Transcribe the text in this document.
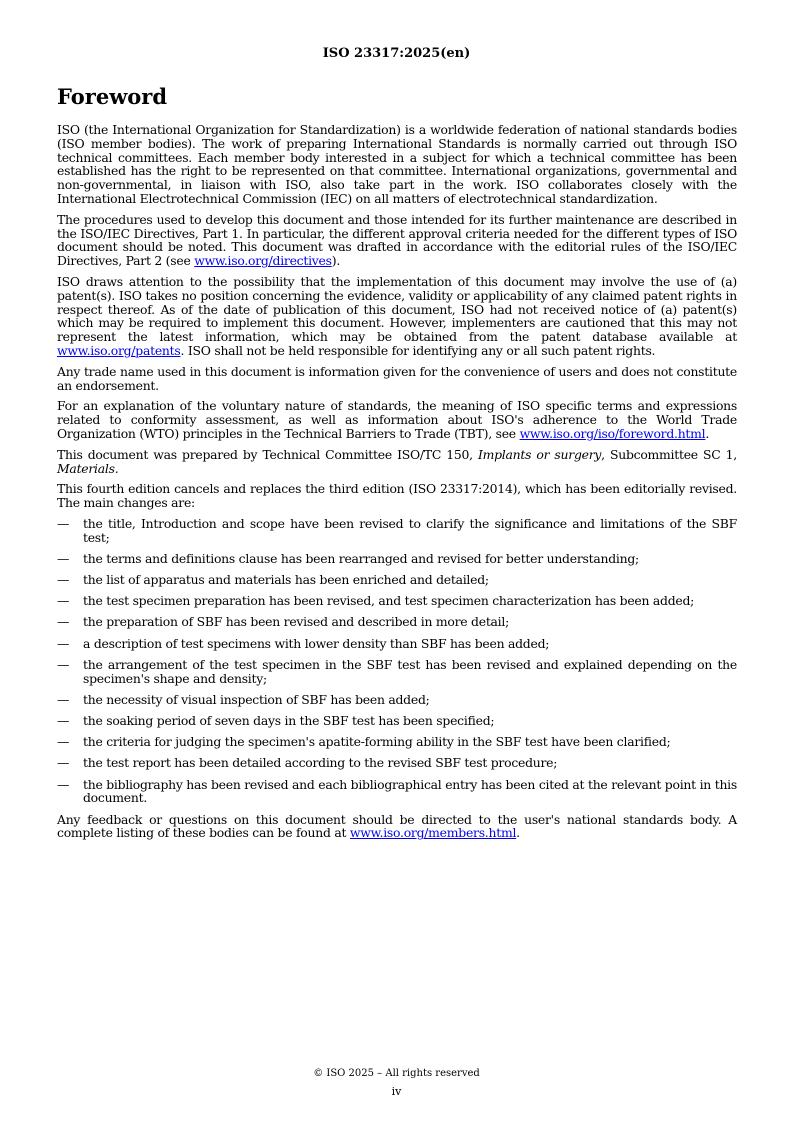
ISO 23317:2025(en)
Foreword

ISO (the International Organization for Standardization) is a worldwide federation of national standards bodies (ISO member bodies). The work of preparing International Standards is normally carried out through ISO technical committees. Each member body interested in a subject for which a technical committee has been established has the right to be represented on that committee. International organizations, governmental and non-governmental, in liaison with ISO, also take part in the work. ISO collaborates closely with the International Electrotechnical Commission (IEC) on all matters of electrotechnical standardization.

The procedures used to develop this document and those intended for its further maintenance are described in the ISO/IEC Directives, Part 1. In particular, the different approval criteria needed for the different types of ISO document should be noted. This document was drafted in accordance with the editorial rules of the ISO/IEC Directives, Part 2 (see www.iso.org/directives).

ISO draws attention to the possibility that the implementation of this document may involve the use of (a) patent(s). ISO takes no position concerning the evidence, validity or applicability of any claimed patent rights in respect thereof. As of the date of publication of this document, ISO had not received notice of (a) patent(s) which may be required to implement this document. However, implementers are cautioned that this may not represent the latest information, which may be obtained from the patent database available at www.iso.org/patents. ISO shall not be held responsible for identifying any or all such patent rights.

Any trade name used in this document is information given for the convenience of users and does not constitute an endorsement.

For an explanation of the voluntary nature of standards, the meaning of ISO specific terms and expressions related to conformity assessment, as well as information about ISO's adherence to the World Trade Organization (WTO) principles in the Technical Barriers to Trade (TBT), see www.iso.org/iso/foreword.html.

This document was prepared by Technical Committee ISO/TC 150, Implants or surgery, Subcommittee SC 1, Materials.

This fourth edition cancels and replaces the third edition (ISO 23317:2014), which has been editorially revised. The main changes are:

— the title, Introduction and scope have been revised to clarify the significance and limitations of the SBF test;
— the terms and definitions clause has been rearranged and revised for better understanding;
— the list of apparatus and materials has been enriched and detailed;
— the test specimen preparation has been revised, and test specimen characterization has been added;
— the preparation of SBF has been revised and described in more detail;
— a description of test specimens with lower density than SBF has been added;
— the arrangement of the test specimen in the SBF test has been revised and explained depending on the specimen's shape and density;
— the necessity of visual inspection of SBF has been added;
— the soaking period of seven days in the SBF test has been specified;
— the criteria for judging the specimen's apatite-forming ability in the SBF test have been clarified;
— the test report has been detailed according to the revised SBF test procedure;
— the bibliography has been revised and each bibliographical entry has been cited at the relevant point in this document.

Any feedback or questions on this document should be directed to the user's national standards body. A complete listing of these bodies can be found at www.iso.org/members.html.

© ISO 2025 – All rights reserved
iv
